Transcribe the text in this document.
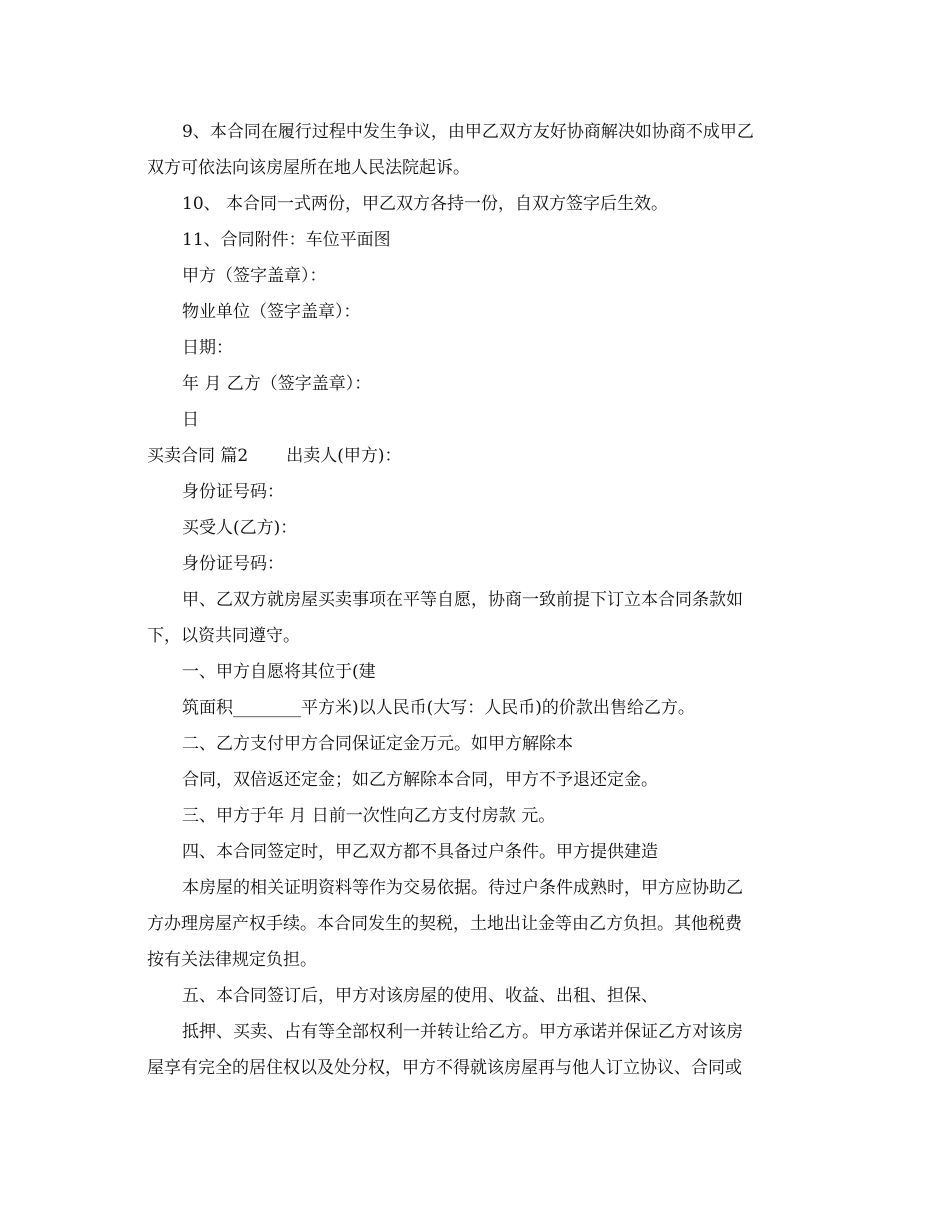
9、本合同在履行过程中发生争议，由甲乙双方友好协商解决如协商不成甲乙
双方可依法向该房屋所在地人民法院起诉。
10、 本合同一式两份，甲乙双方各持一份，自双方签字后生效。
11、合同附件：车位平面图
甲方（签字盖章）：
物业单位（签字盖章）：
日期：
年 月 乙方（签字盖章）：
日
买卖合同 篇2 出卖人(甲方)：
身份证号码：
买受人(乙方)：
身份证号码：
甲、乙双方就房屋买卖事项在平等自愿，协商一致前提下订立本合同条款如
下，以资共同遵守。
一、甲方自愿将其位于(建
筑面积________平方米)以人民币(大写：人民币)的价款出售给乙方。
二、乙方支付甲方合同保证定金万元。如甲方解除本
合同，双倍返还定金；如乙方解除本合同，甲方不予退还定金。
三、甲方于年 月 日前一次性向乙方支付房款 元。
四、本合同签定时，甲乙双方都不具备过户条件。甲方提供建造
本房屋的相关证明资料等作为交易依据。待过户条件成熟时，甲方应协助乙
方办理房屋产权手续。本合同发生的契税，土地出让金等由乙方负担。其他税费
按有关法律规定负担。
五、本合同签订后，甲方对该房屋的使用、收益、出租、担保、
抵押、买卖、占有等全部权利一并转让给乙方。甲方承诺并保证乙方对该房
屋享有完全的居住权以及处分权，甲方不得就该房屋再与他人订立协议、合同或
